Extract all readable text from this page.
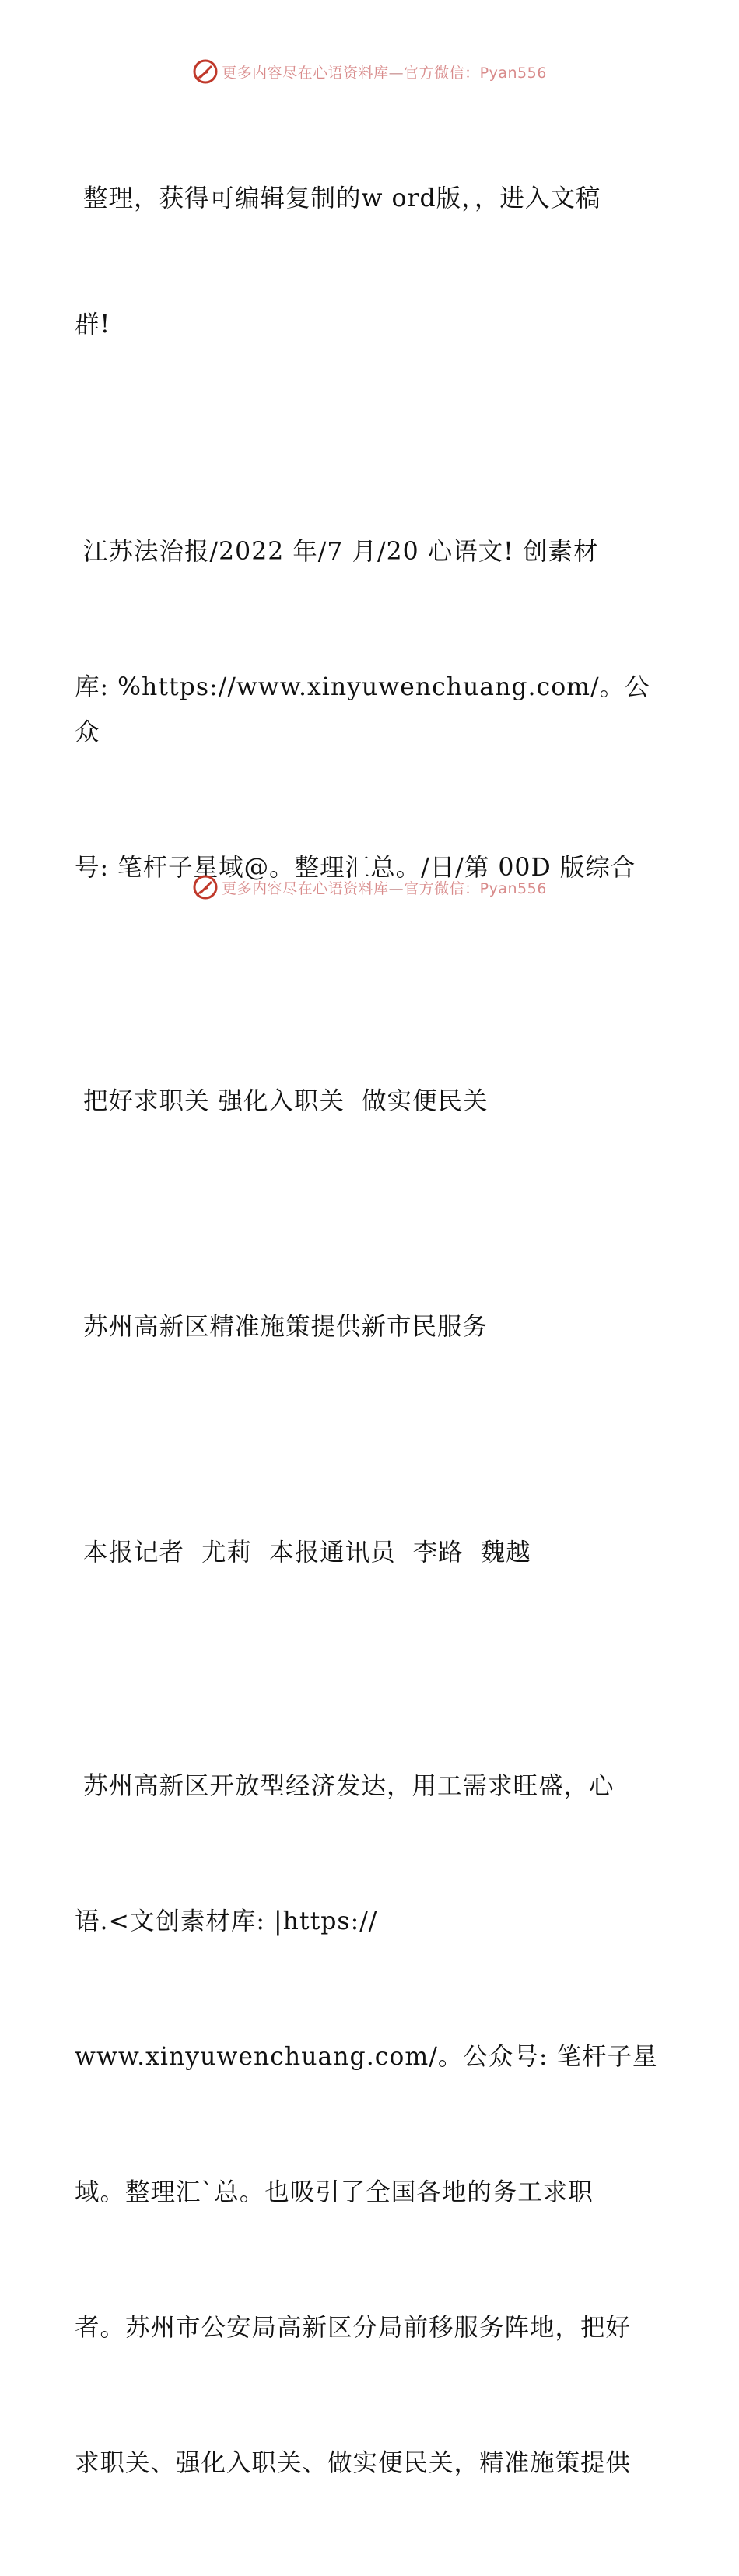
更多内容尽在心语资料库—官方微信：Pyan556

整理，获得可编辑复制的w ord版，，进入文稿

群!

江苏法治报/2022 年/7 月/20 心语文! 创素材

库: %https://www.xinyuwenchuang.com/。公众

号: 笔杆子星域@。整理汇总。/日/第 00D 版综合

把好求职关 强化入职关  做实便民关

苏州高新区精准施策提供新市民服务

本报记者  尤莉  本报通讯员  李路  魏越

苏州高新区开放型经济发达，用工需求旺盛，心

语.<文创素材库: |https://

www.xinyuwenchuang.com/。公众号: 笔杆子星

域。整理汇`总。也吸引了全国各地的务工求职

者。苏州市公安局高新区分局前移服务阵地，把好

求职关、强化入职关、做实便民关，精准施策提供

更多内容尽在心语资料库—官方微信：Pyan556
